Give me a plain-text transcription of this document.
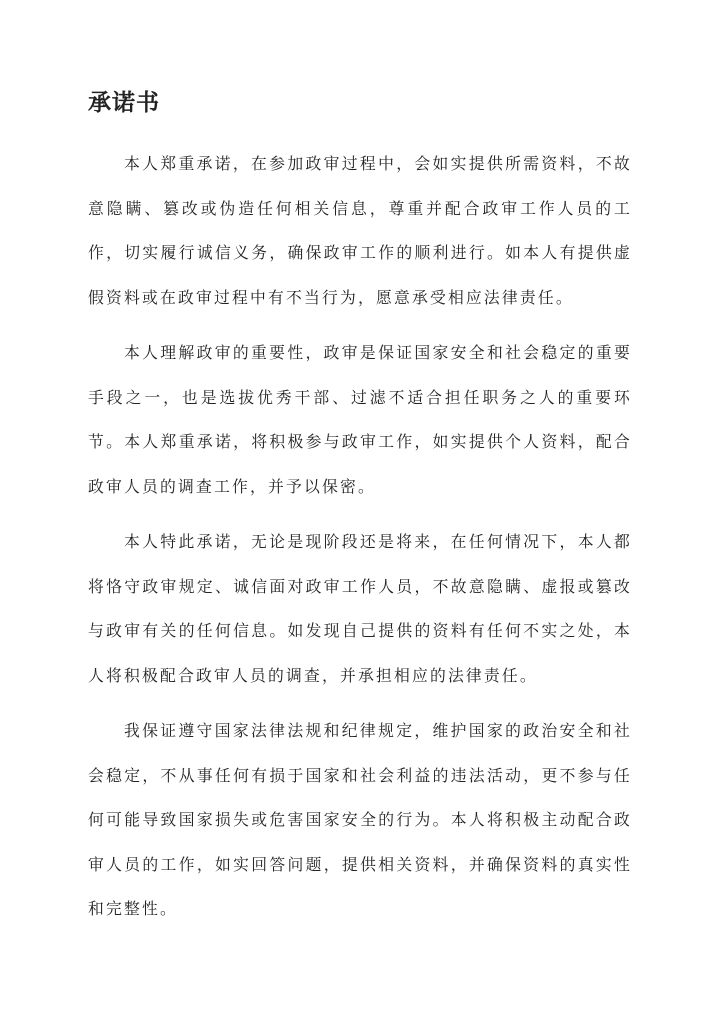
承诺书

本人郑重承诺，在参加政审过程中，会如实提供所需资料，不故意隐瞒、篡改或伪造任何相关信息，尊重并配合政审工作人员的工作，切实履行诚信义务，确保政审工作的顺利进行。如本人有提供虚假资料或在政审过程中有不当行为，愿意承受相应法律责任。

本人理解政审的重要性，政审是保证国家安全和社会稳定的重要手段之一，也是选拔优秀干部、过滤不适合担任职务之人的重要环节。本人郑重承诺，将积极参与政审工作，如实提供个人资料，配合政审人员的调查工作，并予以保密。

本人特此承诺，无论是现阶段还是将来，在任何情况下，本人都将恪守政审规定、诚信面对政审工作人员，不故意隐瞒、虚报或篡改与政审有关的任何信息。如发现自己提供的资料有任何不实之处，本人将积极配合政审人员的调查，并承担相应的法律责任。

我保证遵守国家法律法规和纪律规定，维护国家的政治安全和社会稳定，不从事任何有损于国家和社会利益的违法活动，更不参与任何可能导致国家损失或危害国家安全的行为。本人将积极主动配合政审人员的工作，如实回答问题，提供相关资料，并确保资料的真实性和完整性。
